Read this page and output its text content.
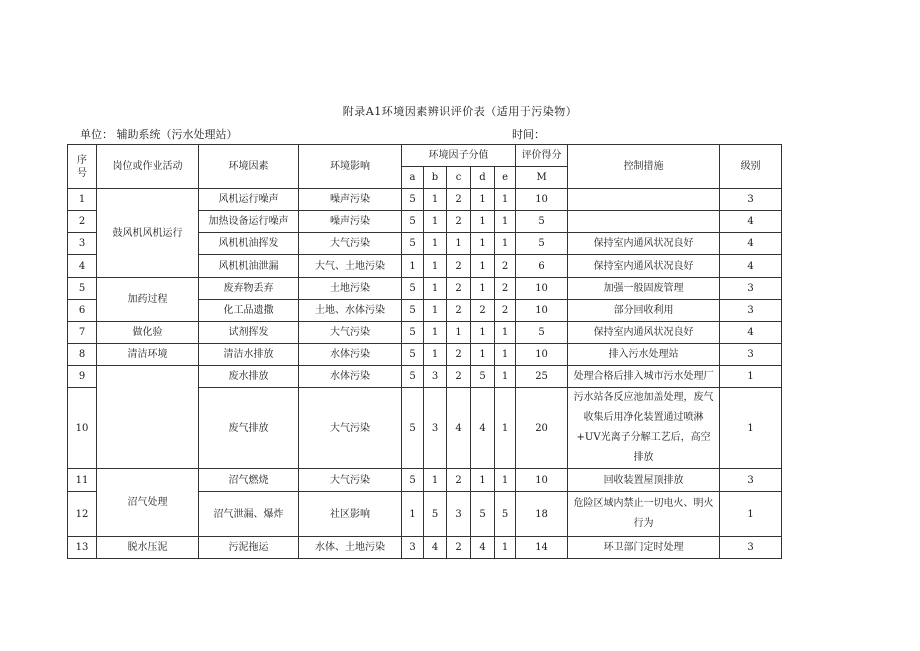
附录A1环境因素辨识评价表（适用于污染物）
单位： 辅助系统（污水处理站）	时间：
序号	岗位或作业活动	环境因素	环境影响	环境因子分值					评价得分	控制措施	级别
				a	b	c	d	e	M		
1	鼓风机风机运行	风机运行噪声	噪声污染	5	1	2	1	1	10		3
2		加热设备运行噪声	噪声污染	5	1	2	1	1	5		4
3		风机机油挥发	大气污染	5	1	1	1	1	5	保持室内通风状况良好	4
4		风机机油泄漏	大气、土地污染	1	1	2	1	2	6	保持室内通风状况良好	4
5	加药过程	废弃物丢弃	土地污染	5	1	2	1	2	10	加强一般固废管理	3
6		化工品遗撒	土地、水体污染	5	1	2	2	2	10	部分回收利用	3
7	做化验	试剂挥发	大气污染	5	1	1	1	1	5	保持室内通风状况良好	4
8	清洁环境	清洁水排放	水体污染	5	1	2	1	1	10	排入污水处理站	3
9		废水排放	水体污染	5	3	2	5	1	25	处理合格后排入城市污水处理厂	1
10		废气排放	大气污染	5	3	4	4	1	20	污水站各反应池加盖处理，废气收集后用净化装置通过喷淋+UV光离子分解工艺后，高空排放	1
11	沼气处理	沼气燃烧	大气污染	5	1	2	1	1	10	回收装置屋顶排放	3
12		沼气泄漏、爆炸	社区影响	1	5	3	5	5	18	危险区域内禁止一切电火、明火行为	1
13	脱水压泥	污泥拖运	水体、土地污染	3	4	2	4	1	14	环卫部门定时处理	3
